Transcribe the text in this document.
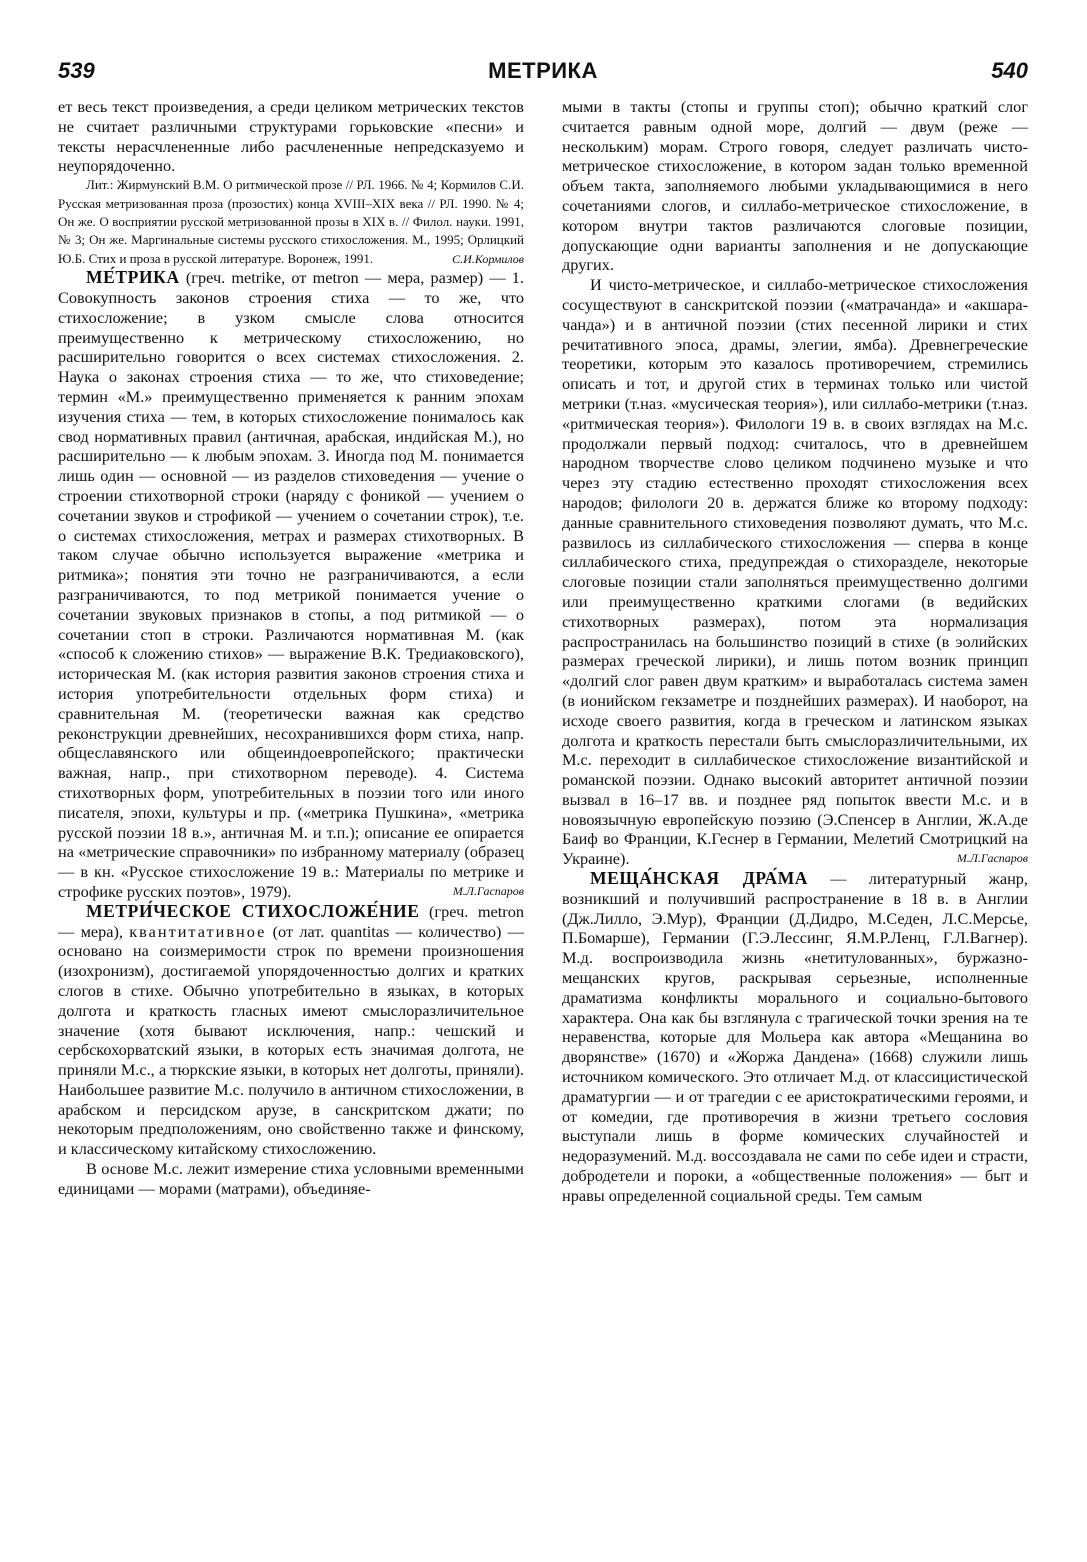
539	МЕТРИКА	540

ет весь текст произведения, а среди целиком метрических текстов не считает различными структурами горьковские «песни» и тексты нерасчлененные либо расчлененные непредсказуемо и неупорядоченно.

Лит.: Жирмунский В.М. О ритмической прозе // РЛ. 1966. № 4; Кормилов С.И. Русская метризованная проза (прозостих) конца XVIII–XIX века // РЛ. 1990. № 4; Он же. О восприятии русской метризованной прозы в XIX в. // Филол. науки. 1991, № 3; Он же. Маргинальные системы русского стихосложения. М., 1995; Орлицкий Ю.Б. Стих и проза в русской литературе. Воронеж, 1991.	С.И.Кормилов

МЕ́ТРИКА (греч. metrike, от metron — мера, размер) — 1. Совокупность законов строения стиха — то же, что стихосложение; в узком смысле слова относится преимущественно к метрическому стихосложению, но расширительно говорится о всех системах стихосложения. 2. Наука о законах строения стиха — то же, что стиховедение; термин «М.» преимущественно применяется к ранним эпохам изучения стиха — тем, в которых стихосложение понималось как свод нормативных правил (античная, арабская, индийская М.), но расширительно — к любым эпохам. 3. Иногда под М. понимается лишь один — основной — из разделов стиховедения — учение о строении стихотворной строки (наряду с фоникой — учением о сочетании звуков и строфикой — учением о сочетании строк), т.е. о системах стихосложения, метрах и размерах стихотворных. В таком случае обычно используется выражение «метрика и ритмика»; понятия эти точно не разграничиваются, а если разграничиваются, то под метрикой понимается учение о сочетании звуковых признаков в стопы, а под ритмикой — о сочетании стоп в строки. Различаются нормативная М. (как «способ к сложению стихов» — выражение В.К. Тредиаковского), историческая М. (как история развития законов строения стиха и история употребительности отдельных форм стиха) и сравнительная М. (теоретически важная как средство реконструкции древнейших, несохранившихся форм стиха, напр. общеславянского или общеиндоевропейского; практически важная, напр., при стихотворном переводе). 4. Система стихотворных форм, употребительных в поэзии того или иного писателя, эпохи, культуры и пр. («метрика Пушкина», «метрика русской поэзии 18 в.», античная М. и т.п.); описание ее опирается на «метрические справочники» по избранному материалу (образец — в кн. «Русское стихосложение 19 в.: Материалы по метрике и строфике русских поэтов», 1979).	М.Л.Гаспаров

МЕТРИ́ЧЕСКОЕ СТИХОСЛОЖЕ́НИЕ (греч. metron — мера), квантитативное (от лат. quantitas — количество) — основано на соизмеримости строк по времени произношения (изохронизм), достигаемой упорядоченностью долгих и кратких слогов в стихе. Обычно употребительно в языках, в которых долгота и краткость гласных имеют смыслоразличительное значение (хотя бывают исключения, напр.: чешский и сербскохорватский языки, в которых есть значимая долгота, не приняли М.с., а тюркские языки, в которых нет долготы, приняли). Наибольшее развитие М.с. получило в античном стихосложении, в арабском и персидском арузе, в санскритском джати; по некоторым предположениям, оно свойственно также и финскому, и классическому китайскому стихосложению.

В основе М.с. лежит измерение стиха условными временными единицами — морами (матрами), объединяе-

мыми в такты (стопы и группы стоп); обычно краткий слог считается равным одной море, долгий — двум (реже — нескольким) морам. Строго говоря, следует различать чисто-метрическое стихосложение, в котором задан только временной объем такта, заполняемого любыми укладывающимися в него сочетаниями слогов, и силлабо-метрическое стихосложение, в котором внутри тактов различаются слоговые позиции, допускающие одни варианты заполнения и не допускающие других.

И чисто-метрическое, и силлабо-метрическое стихосложения сосуществуют в санскритской поэзии («матрачанда» и «акшара-чанда») и в античной поэзии (стих песенной лирики и стих речитативного эпоса, драмы, элегии, ямба). Древнегреческие теоретики, которым это казалось противоречием, стремились описать и тот, и другой стих в терминах только или чистой метрики (т.наз. «мусическая теория»), или силлабо-метрики (т.наз. «ритмическая теория»). Филологи 19 в. в своих взглядах на М.с. продолжали первый подход: считалось, что в древнейшем народном творчестве слово целиком подчинено музыке и что через эту стадию естественно проходят стихосложения всех народов; филологи 20 в. держатся ближе ко второму подходу: данные сравнительного стиховедения позволяют думать, что М.с. развилось из силлабического стихосложения — сперва в конце силлабического стиха, предупреждая о стихоразделе, некоторые слоговые позиции стали заполняться преимущественно долгими или преимущественно краткими слогами (в ведийских стихотворных размерах), потом эта нормализация распространилась на большинство позиций в стихе (в эолийских размерах греческой лирики), и лишь потом возник принцип «долгий слог равен двум кратким» и выработалась система замен (в ионийском гекзаметре и позднейших размерах). И наоборот, на исходе своего развития, когда в греческом и латинском языках долгота и краткость перестали быть смыслоразличительными, их М.с. переходит в силлабическое стихосложение византийской и романской поэзии. Однако высокий авторитет античной поэзии вызвал в 16–17 вв. и позднее ряд попыток ввести М.с. и в новоязычную европейскую поэзию (Э.Спенсер в Англии, Ж.А.де Баиф во Франции, К.Геснер в Германии, Мелетий Смотрицкий на Украине).	М.Л.Гаспаров

МЕЩА́НСКАЯ ДРА́МА — литературный жанр, возникший и получивший распространение в 18 в. в Англии (Дж.Лилло, Э.Мур), Франции (Д.Дидро, М.Седен, Л.С.Мерсье, П.Бомарше), Германии (Г.Э.Лессинг, Я.М.Р.Ленц, Г.Л.Вагнер). М.д. воспроизводила жизнь «нетитулованных», буржазно-мещанских кругов, раскрывая серьезные, исполненные драматизма конфликты морального и социально-бытового характера. Она как бы взглянула с трагической точки зрения на те неравенства, которые для Мольера как автора «Мещанина во дворянстве» (1670) и «Жоржа Дандена» (1668) служили лишь источником комического. Это отличает М.д. от классицистической драматургии — и от трагедии с ее аристократическими героями, и от комедии, где противоречия в жизни третьего сословия выступали лишь в форме комических случайностей и недоразумений. М.д. воссоздавала не сами по себе идеи и страсти, добродетели и пороки, а «общественные положения» — быт и нравы определенной социальной среды. Тем самым
